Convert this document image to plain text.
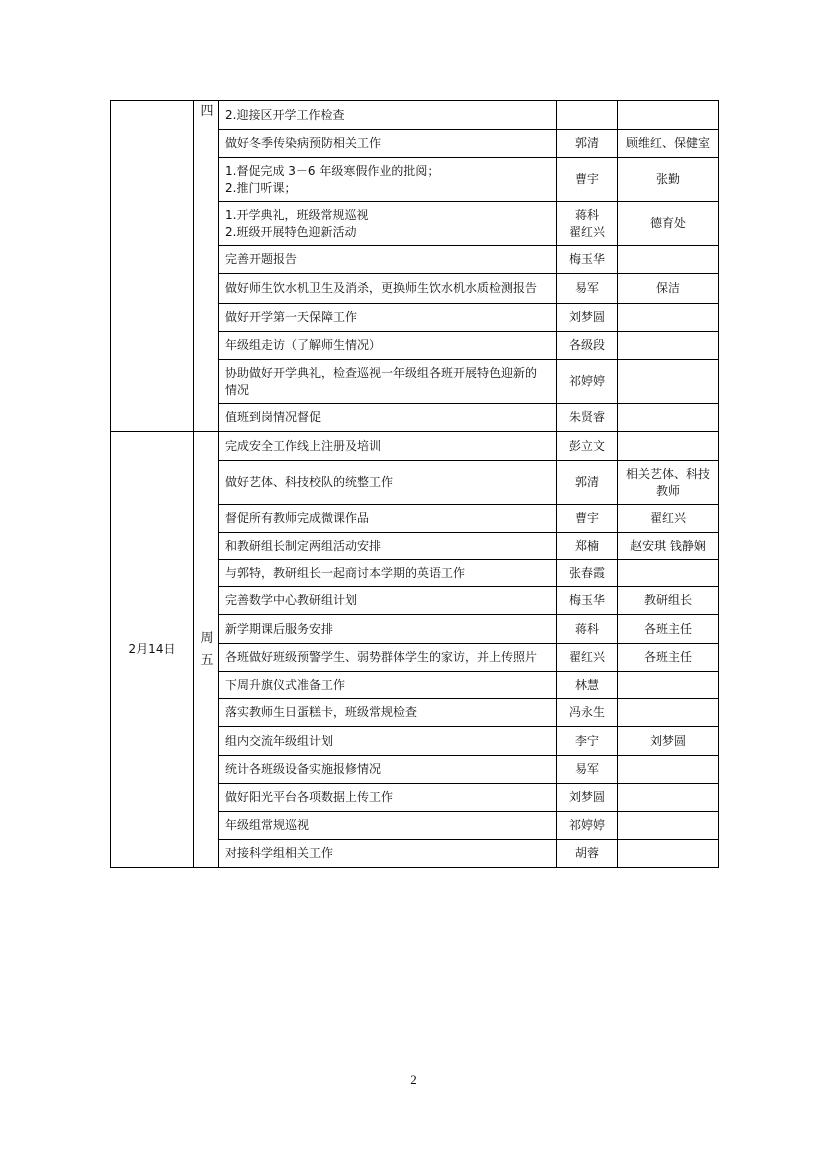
	四	2.迎接区开学工作检查		

		做好冬季传染病预防相关工作	郭清	顾维红、保健室

		1.督促完成 3－6 年级寒假作业的批阅；
2.推门听课；	曹宇	张勤

		1.开学典礼，班级常规巡视
2.班级开展特色迎新活动	蒋科
翟红兴	德育处

		完善开题报告	梅玉华	

		做好师生饮水机卫生及消杀，更换师生饮水机水质检测报告	易军	保洁

		做好开学第一天保障工作	刘梦圆	

		年级组走访（了解师生情况）	各级段	

		协助做好开学典礼，检查巡视一年级组各班开展特色迎新的
情况	祁婷婷	

		值班到岗情况督促	朱贤睿	

2月14日	周五	完成安全工作线上注册及培训	彭立文	

		做好艺体、科技校队的统整工作	郭清	相关艺体、科技
教师

		督促所有教师完成微课作品	曹宇	翟红兴

		和教研组长制定两组活动安排	郑楠	赵安琪 钱静娴

		与郭特，教研组长一起商讨本学期的英语工作	张春霞	

		完善数学中心教研组计划	梅玉华	教研组长

		新学期课后服务安排	蒋科	各班主任

		各班做好班级预警学生、弱势群体学生的家访，并上传照片	翟红兴	各班主任

		下周升旗仪式准备工作	林慧	

		落实教师生日蛋糕卡，班级常规检查	冯永生	

		组内交流年级组计划	李宁	刘梦圆

		统计各班级设备实施报修情况	易军	

		做好阳光平台各项数据上传工作	刘梦圆	

		年级组常规巡视	祁婷婷	

		对接科学组相关工作	胡蓉	

2
